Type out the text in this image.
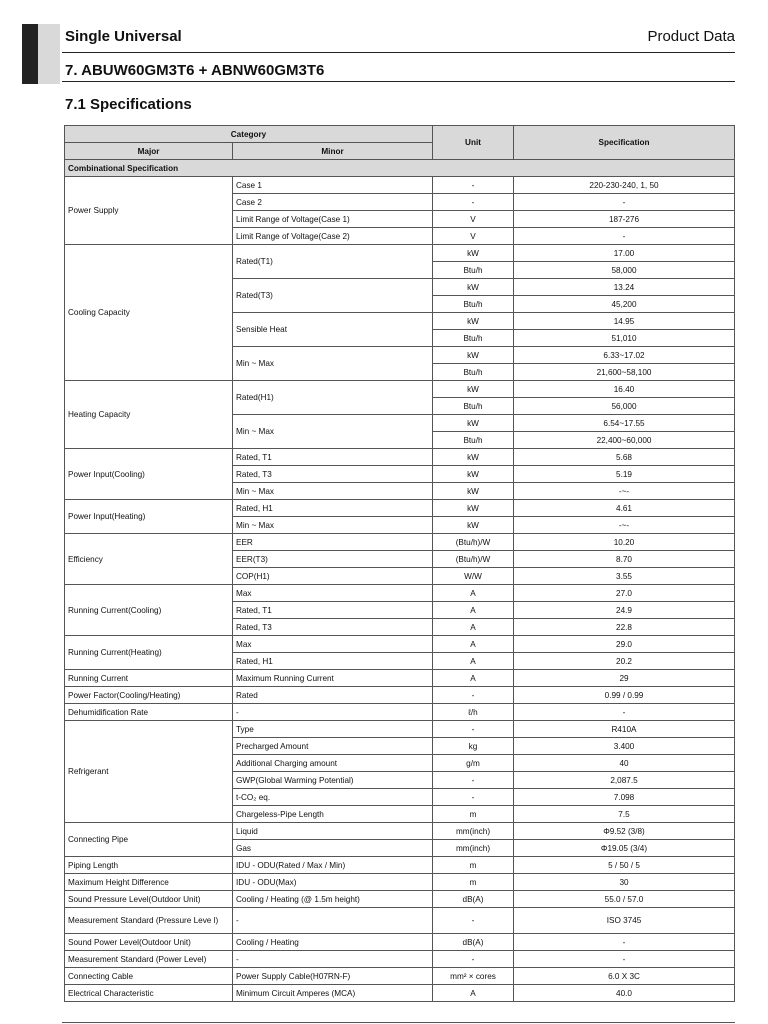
Single Universal	Product Data
7. ABUW60GM3T6 + ABNW60GM3T6
7.1 Specifications
Category		Unit	Specification
Major	Minor		
Combinational Specification			
Power Supply	Case 1	-	220-230-240, 1, 50
	Case 2	-	-
	Limit Range of Voltage(Case 1)	V	187-276
	Limit Range of Voltage(Case 2)	V	-
Cooling Capacity	Rated(T1)	kW	17.00
		Btu/h	58,000
	Rated(T3)	kW	13.24
		Btu/h	45,200
	Sensible Heat	kW	14.95
		Btu/h	51,010
	Min ~ Max	kW	6.33~17.02
		Btu/h	21,600~58,100
Heating Capacity	Rated(H1)	kW	16.40
		Btu/h	56,000
	Min ~ Max	kW	6.54~17.55
		Btu/h	22,400~60,000
Power Input(Cooling)	Rated, T1	kW	5.68
	Rated, T3	kW	5.19
	Min ~ Max	kW	-~-
Power Input(Heating)	Rated, H1	kW	4.61
	Min ~ Max	kW	-~-
Efficiency	EER	(Btu/h)/W	10.20
	EER(T3)	(Btu/h)/W	8.70
	COP(H1)	W/W	3.55
Running Current(Cooling)	Max	A	27.0
	Rated, T1	A	24.9
	Rated, T3	A	22.8
Running Current(Heating)	Max	A	29.0
	Rated, H1	A	20.2
Running Current	Maximum Running Current	A	29
Power Factor(Cooling/Heating)	Rated	-	0.99 / 0.99
Dehumidification Rate	-	ℓ/h	-
Refrigerant	Type	-	R410A
	Precharged Amount	kg	3.400
	Additional Charging amount	g/m	40
	GWP(Global Warming Potential)	-	2,087.5
	t-CO₂ eq.	-	7.098
	Chargeless-Pipe Length	m	7.5
Connecting Pipe	Liquid	mm(inch)	Φ9.52 (3/8)
	Gas	mm(inch)	Φ19.05 (3/4)
Piping Length	IDU - ODU(Rated / Max / Min)	m	5 / 50 / 5
Maximum Height Difference	IDU - ODU(Max)	m	30
Sound Pressure Level(Outdoor Unit)	Cooling / Heating (@ 1.5m height)	dB(A)	55.0 / 57.0
Measurement Standard (Pressure Leve l)	-	-	ISO 3745
Sound Power Level(Outdoor Unit)	Cooling / Heating	dB(A)	-
Measurement Standard (Power Level)	-	-	-
Connecting Cable	Power Supply Cable(H07RN-F)	mm² × cores	6.0 X 3C
Electrical Characteristic	Minimum Circuit Amperes (MCA)	A	40.0
